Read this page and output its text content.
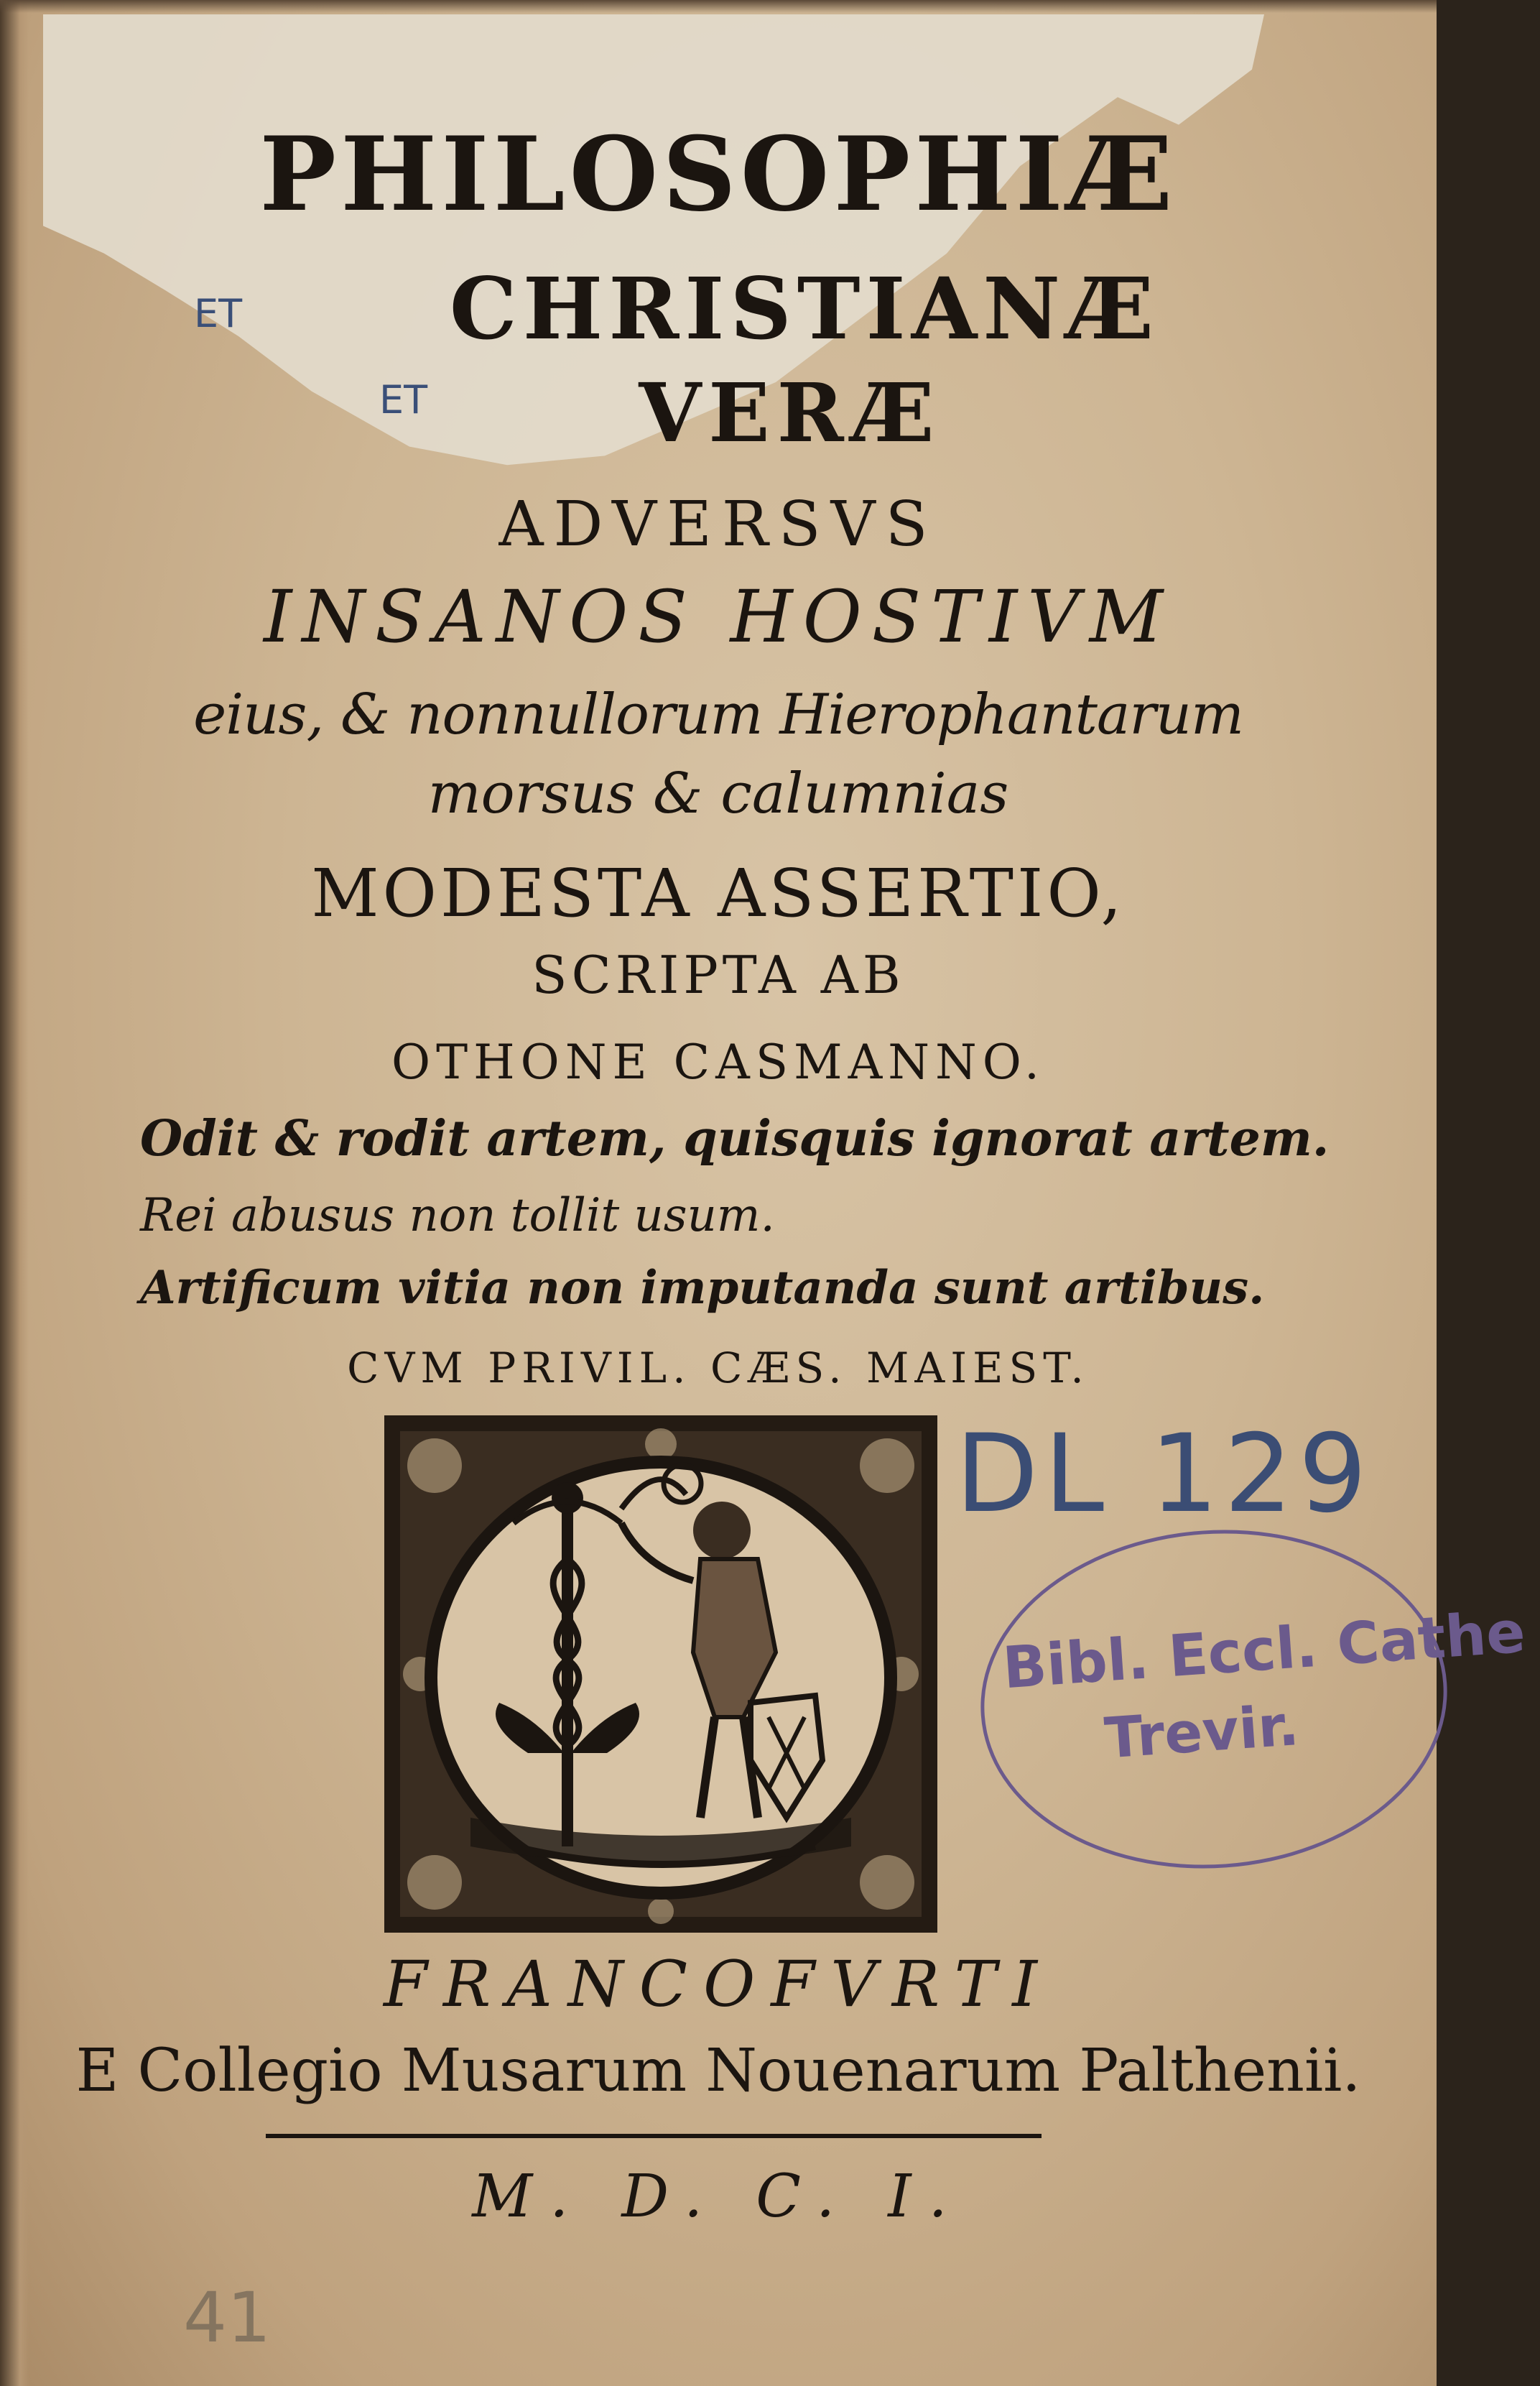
PHILOSOPHIÆ
CHRISTIANÆ
VERÆ
ET
ET
ADVERSVS
INSANOS HOSTIVM
eius, & nonnullorum Hierophantarum
morsus & calumnias
MODESTA ASSERTIO,
SCRIPTA AB
OTHONE CASMANNO.
Odit & rodit artem, quisquis ignorat artem.
Rei abusus non tollit usum.
Artificum vitia non imputanda sunt artibus.
CVM PRIVIL. CÆS. MAIEST.
DL 129
Bibl. Eccl. Cathe
Trevir.
FRANCOFVRTI
E Collegio Musarum Nouenarum Palthenii.
M. D. C. I.
41
